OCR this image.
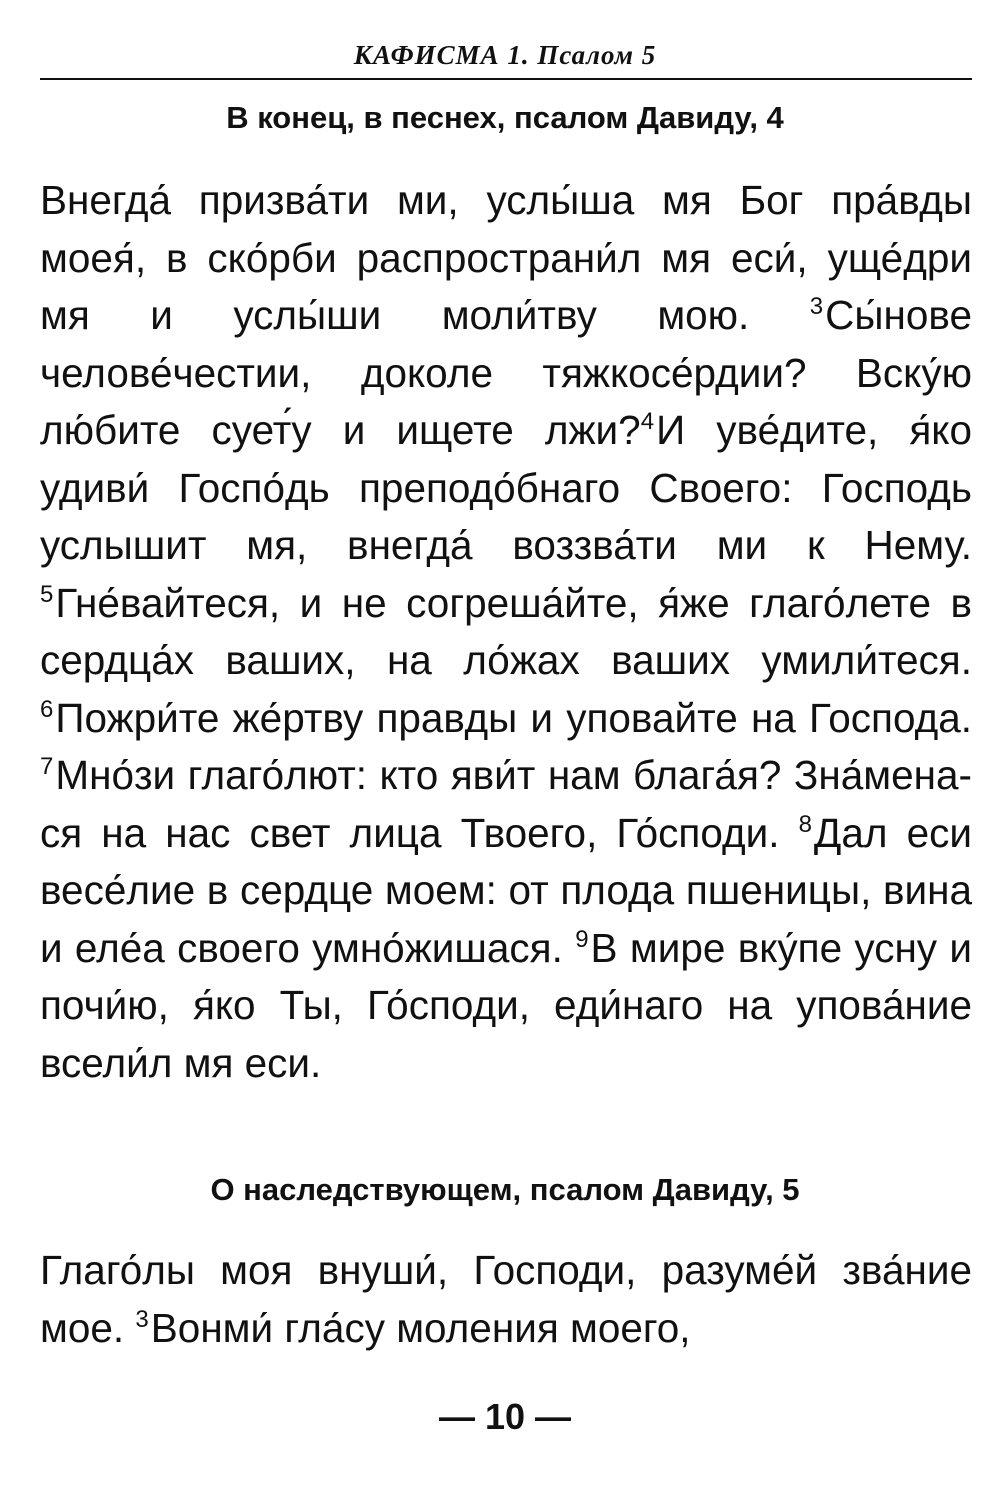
КАФИСМА 1. Псалом 5
В конец, в песнех, псалом Давиду, 4

Внегда́ призва́ти ми, услы́ша мя Бог пра́вды моея́, в ско́рби распространи́л мя еси́, уще́дри мя и услы́ши моли́тву мою.	$^3$Сы́нове челове́честии, доколе тяжкосе́рдии? Вску́ю лю́бите сует́у и ищете лжи?$^4$И уве́дите, я́ко удиви́ Госпо́дь преподо́бнаго Своего: Господь услышит мя, внегда́ воззва́ти ми к Нему. $^5$Гне́вайтеся, и не согреша́йте, я́же глаго́лете в сердца́х ваших, на ло́жах ваших умили́теся. $^6$Пожри́те же́ртву правды и уповайте на Господа. $^7$Мно́зи глаго́лют: кто яви́т нам блага́я? Зна́менася на нас свет лица Твоего, Го́споди. $^8$Дал еси весе́лие в сердце моем: от плода пшеницы, вина и еле́а своего умно́жишася. $^9$В мире вку́пе усну и почи́ю, я́ко Ты, Го́споди, еди́наго на упова́ние всели́л мя еси.

О наследствующем, псалом Давиду, 5

Глаго́лы моя внуши́, Господи, разуме́й зва́ние мое. $^3$Вонми́ гла́су моления моего,

— 10 —
